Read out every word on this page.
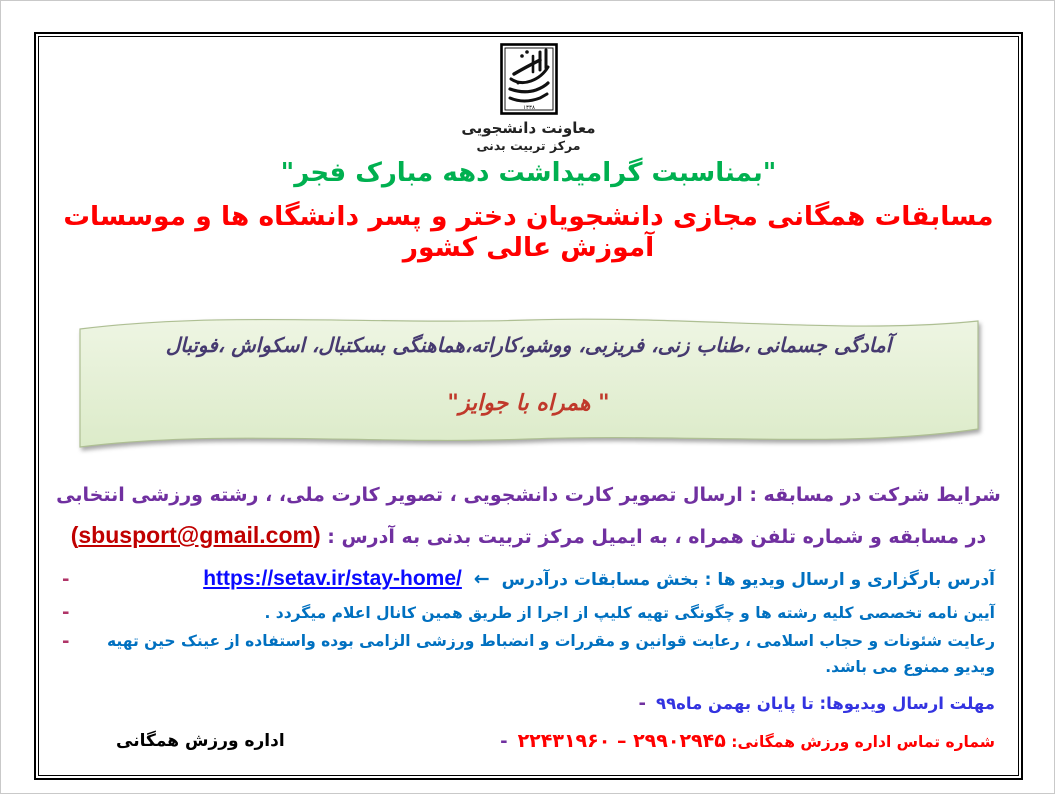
۱۳۳۸
معاونت دانشجویی
مرکز تربیت بدنی
"بمناسبت گرامیداشت دهه مبارک فجر"
مسابقات همگانی مجازی دانشجویان دختر و پسر دانشگاه ها و موسسات آموزش عالی کشور
آمادگی جسمانی ،طناب زنی، فریزبی، ووشو،کاراته،هماهنگی بسکتبال، اسکواش ،فوتبال
" همراه با جوایز"
شرایط شرکت در مسابقه : ارسال تصویر کارت دانشجویی ، تصویر کارت ملی، ، رشته ورزشی انتخابی در مسابقه و شماره تلفن همراه ، به ایمیل مرکز تربیت بدنی به آدرس : (sbusport@gmail.com)
-	آدرس بارگزاری و ارسال ویدیو ها : بخش مسابقات درآدرس ← https://setav.ir/stay-home/
-	آیین نامه تخصصی کلیه رشته ها و چگونگی تهیه کلیپ از اجرا از طریق همین کانال اعلام میگردد .
-	رعایت شئونات و حجاب اسلامی ، رعایت قوانین و مقررات و انضباط ورزشی الزامی بوده واستفاده از عینک حین تهیه ویدیو ممنوع می باشد.
- مهلت ارسال ویدیوها: تا پایان بهمن ماه۹۹
اداره ورزش همگانی	-	شماره تماس اداره ورزش همگانی: ۲۹۹۰۲۹۴۵ – ۲۲۴۳۱۹۶۰
